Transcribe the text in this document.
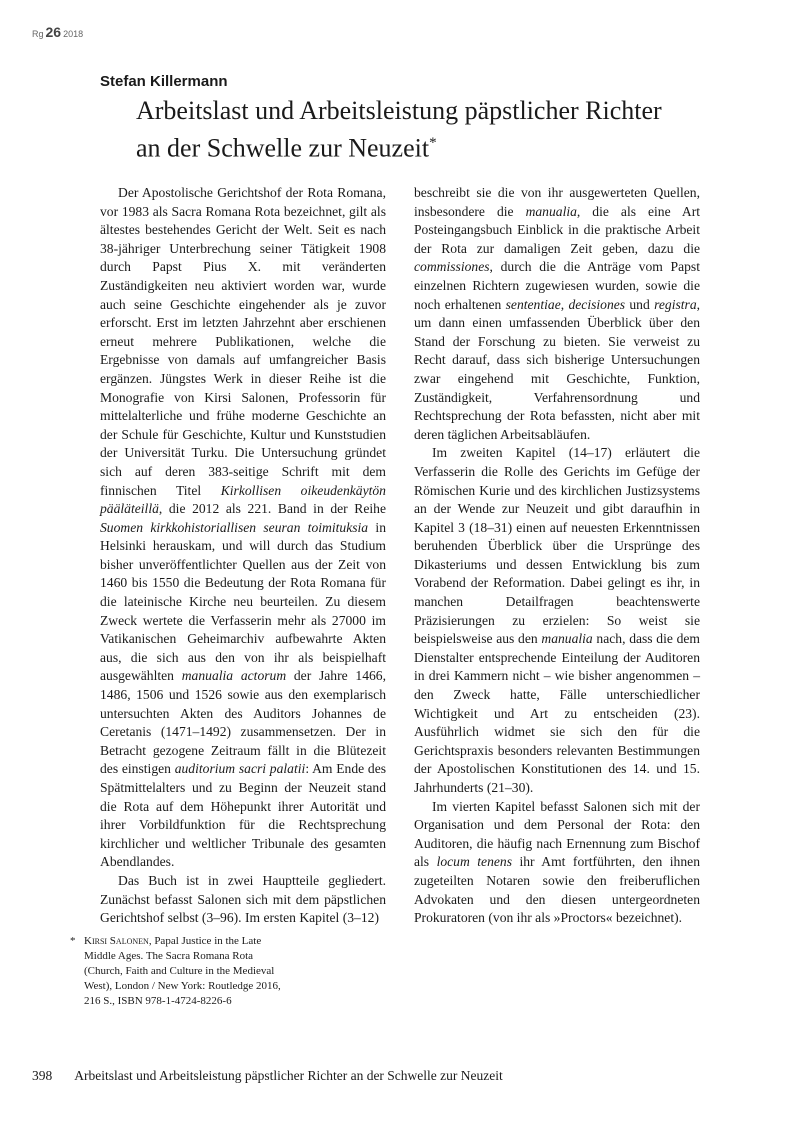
Rg 26 2018
Stefan Killermann
Arbeitslast und Arbeitsleistung päpstlicher Richter
an der Schwelle zur Neuzeit*

Der Apostolische Gerichtshof der Rota Romana, vor 1983 als Sacra Romana Rota bezeichnet, gilt als ältestes bestehendes Gericht der Welt. Seit es nach 38-jähriger Unterbrechung seiner Tätigkeit 1908 durch Papst Pius X. mit veränderten Zuständigkeiten neu aktiviert worden war, wurde auch seine Geschichte eingehender als je zuvor erforscht. Erst im letzten Jahrzehnt aber erschienen erneut mehrere Publikationen, welche die Ergebnisse von damals auf umfangreicher Basis ergänzen. Jüngstes Werk in dieser Reihe ist die Monografie von Kirsi Salonen, Professorin für mittelalterliche und frühe moderne Geschichte an der Schule für Geschichte, Kultur und Kunststudien der Universität Turku. Die Untersuchung gründet sich auf deren 383-seitige Schrift mit dem finnischen Titel Kirkollisen oikeudenkäytön pääläteillä, die 2012 als 221. Band in der Reihe Suomen kirkkohistoriallisen seuran toimituksia in Helsinki herauskam, und will durch das Studium bisher unveröffentlichter Quellen aus der Zeit von 1460 bis 1550 die Bedeutung der Rota Romana für die lateinische Kirche neu beurteilen. Zu diesem Zweck wertete die Verfasserin mehr als 27000 im Vatikanischen Geheimarchiv aufbewahrte Akten aus, die sich aus den von ihr als beispielhaft ausgewählten manualia actorum der Jahre 1466, 1486, 1506 und 1526 sowie aus den exemplarisch untersuchten Akten des Auditors Johannes de Ceretanis (1471–1492) zusammensetzen. Der in Betracht gezogene Zeitraum fällt in die Blütezeit des einstigen auditorium sacri palatii: Am Ende des Spätmittelalters und zu Beginn der Neuzeit stand die Rota auf dem Höhepunkt ihrer Autorität und ihrer Vorbildfunktion für die Rechtsprechung kirchlicher und weltlicher Tribunale des gesamten Abendlandes.

Das Buch ist in zwei Hauptteile gegliedert. Zunächst befasst Salonen sich mit dem päpstlichen Gerichtshof selbst (3–96). Im ersten Kapitel (3–12)

beschreibt sie die von ihr ausgewerteten Quellen, insbesondere die manualia, die als eine Art Posteingangsbuch Einblick in die praktische Arbeit der Rota zur damaligen Zeit geben, dazu die commissiones, durch die die Anträge vom Papst einzelnen Richtern zugewiesen wurden, sowie die noch erhaltenen sententiae, decisiones und registra, um dann einen umfassenden Überblick über den Stand der Forschung zu bieten. Sie verweist zu Recht darauf, dass sich bisherige Untersuchungen zwar eingehend mit Geschichte, Funktion, Zuständigkeit, Verfahrensordnung und Rechtsprechung der Rota befassten, nicht aber mit deren täglichen Arbeitsabläufen.

Im zweiten Kapitel (14–17) erläutert die Verfasserin die Rolle des Gerichts im Gefüge der Römischen Kurie und des kirchlichen Justizsystems an der Wende zur Neuzeit und gibt daraufhin in Kapitel 3 (18–31) einen auf neuesten Erkenntnissen beruhenden Überblick über die Ursprünge des Dikasteriums und dessen Entwicklung bis zum Vorabend der Reformation. Dabei gelingt es ihr, in manchen Detailfragen beachtenswerte Präzisierungen zu erzielen: So weist sie beispielsweise aus den manualia nach, dass die dem Dienstalter entsprechende Einteilung der Auditoren in drei Kammern nicht – wie bisher angenommen – den Zweck hatte, Fälle unterschiedlicher Wichtigkeit und Art zu entscheiden (23). Ausführlich widmet sie sich den für die Gerichtspraxis besonders relevanten Bestimmungen der Apostolischen Konstitutionen des 14. und 15. Jahrhunderts (21–30).

Im vierten Kapitel befasst Salonen sich mit der Organisation und dem Personal der Rota: den Auditoren, die häufig nach Ernennung zum Bischof als locum tenens ihr Amt fortführten, den ihnen zugeteilten Notaren sowie den freiberuflichen Advokaten und den diesen untergeordneten Prokuratoren (von ihr als »Proctors« bezeichnet).

* Kirsi Salonen, Papal Justice in the Late Middle Ages. The Sacra Romana Rota (Church, Faith and Culture in the Medieval West), London / New York: Routledge 2016, 216 S., ISBN 978-1-4724-8226-6
398 Arbeitslast und Arbeitsleistung päpstlicher Richter an der Schwelle zur Neuzeit
